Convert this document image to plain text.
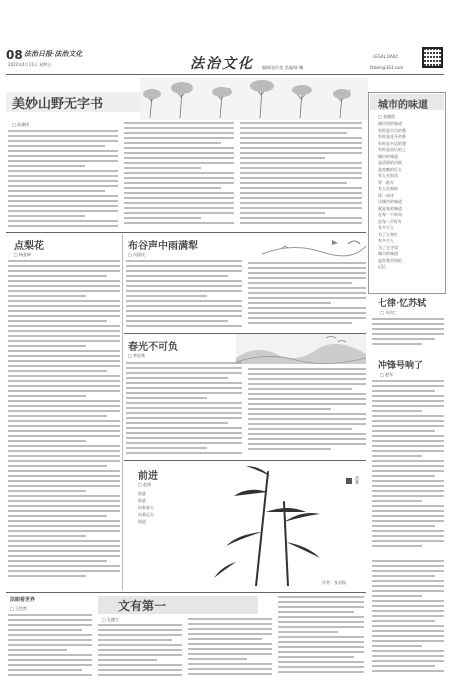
08 法治日报·法治文化
2022年4月11日 星期日	法治文化 编辑/张红奕 美编/陈 曦
LEGAL DAILY
fzbwh@163.com
美妙山野无字书
□ 孙建伟
城市的味道
□ 张德浩
城市里的味道
有时是早点的香
有时是花开的香
有时是书店的墨
有时是雨后的土
城市的味道
是清晨的问候
是夜晚的灯火
有人在街角
等一班车
有人在窗前
读一首诗
这城市的味道
就是家的味道
在每一个转角
在每一声叮咛
有多少人
为了它奔忙
有多少人
为了它守望
城市的味道
是你我共同的
记忆
七律·忆苏轼
□ 马宗仁
冲锋号响了
□ 赵军
点梨花
□ 杨金坤
布谷声中雨满犁
□ 冯国庆
春光不可负
□ 李宏林
前进
□ 赵涛
前进
前进
向着春天
向着远方
前进
清雅
作者：张君秋
文有第一
□ 孔德立
法眼看世界
□ 王恺然
